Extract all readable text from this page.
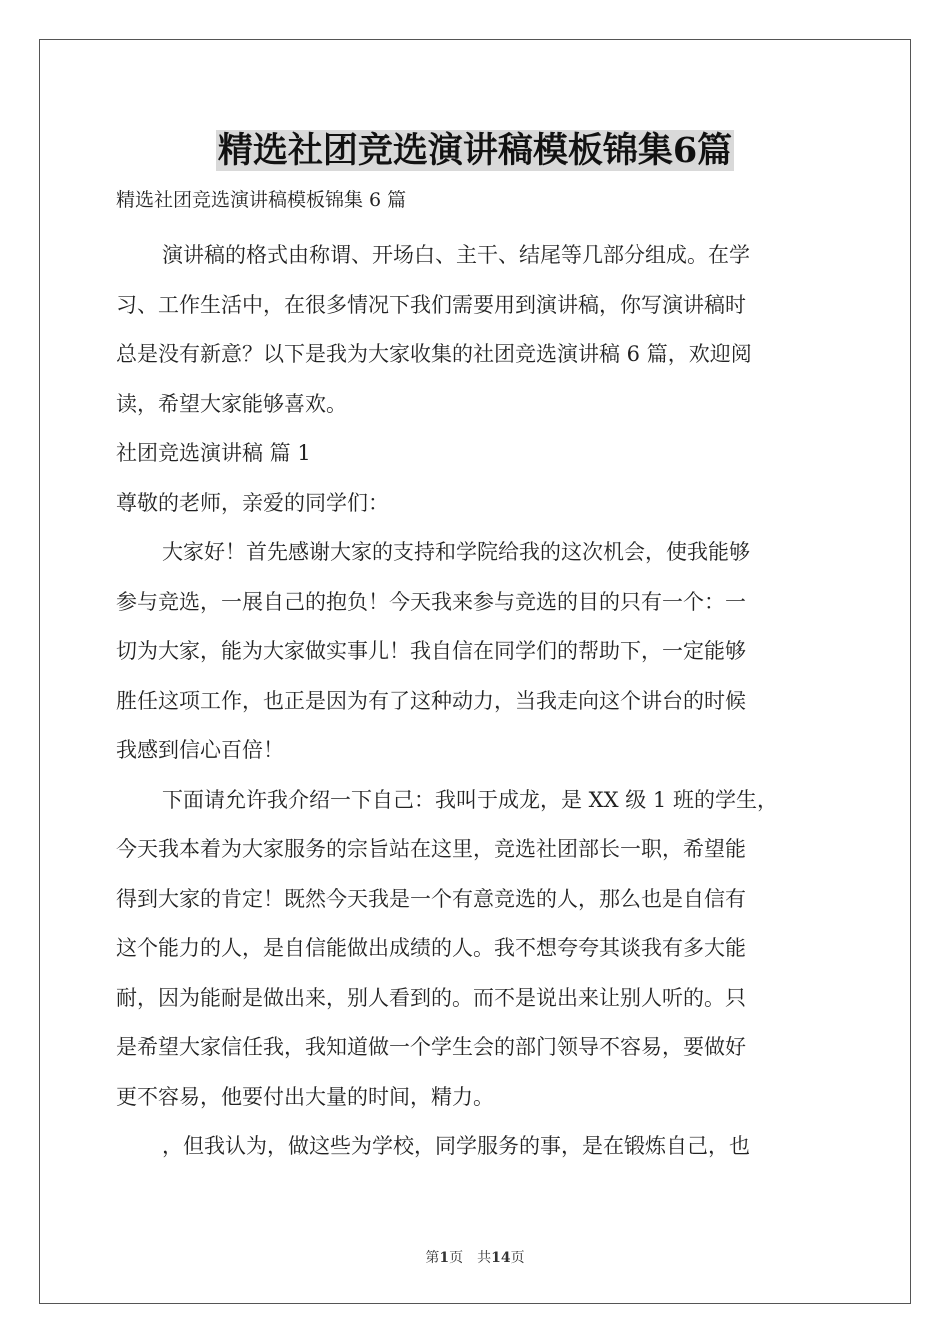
精选社团竞选演讲稿模板锦集6篇

精选社团竞选演讲稿模板锦集 6 篇

演讲稿的格式由称谓、开场白、主干、结尾等几部分组成。在学

习、工作生活中，在很多情况下我们需要用到演讲稿，你写演讲稿时

总是没有新意？以下是我为大家收集的社团竞选演讲稿 6 篇，欢迎阅

读，希望大家能够喜欢。

社团竞选演讲稿 篇 1

尊敬的老师，亲爱的同学们：

大家好！首先感谢大家的支持和学院给我的这次机会，使我能够

参与竞选，一展自己的抱负！今天我来参与竞选的目的只有一个：一

切为大家，能为大家做实事儿！我自信在同学们的帮助下，一定能够

胜任这项工作，也正是因为有了这种动力，当我走向这个讲台的时候

我感到信心百倍！

下面请允许我介绍一下自己：我叫于成龙，是 XX 级 1 班的学生，

今天我本着为大家服务的宗旨站在这里，竞选社团部长一职，希望能

得到大家的肯定！既然今天我是一个有意竞选的人，那么也是自信有

这个能力的人，是自信能做出成绩的人。我不想夸夸其谈我有多大能

耐，因为能耐是做出来，别人看到的。而不是说出来让别人听的。只

是希望大家信任我，我知道做一个学生会的部门领导不容易，要做好

更不容易，他要付出大量的时间，精力。

，但我认为，做这些为学校，同学服务的事，是在锻炼自己，也

第1页　共14页
